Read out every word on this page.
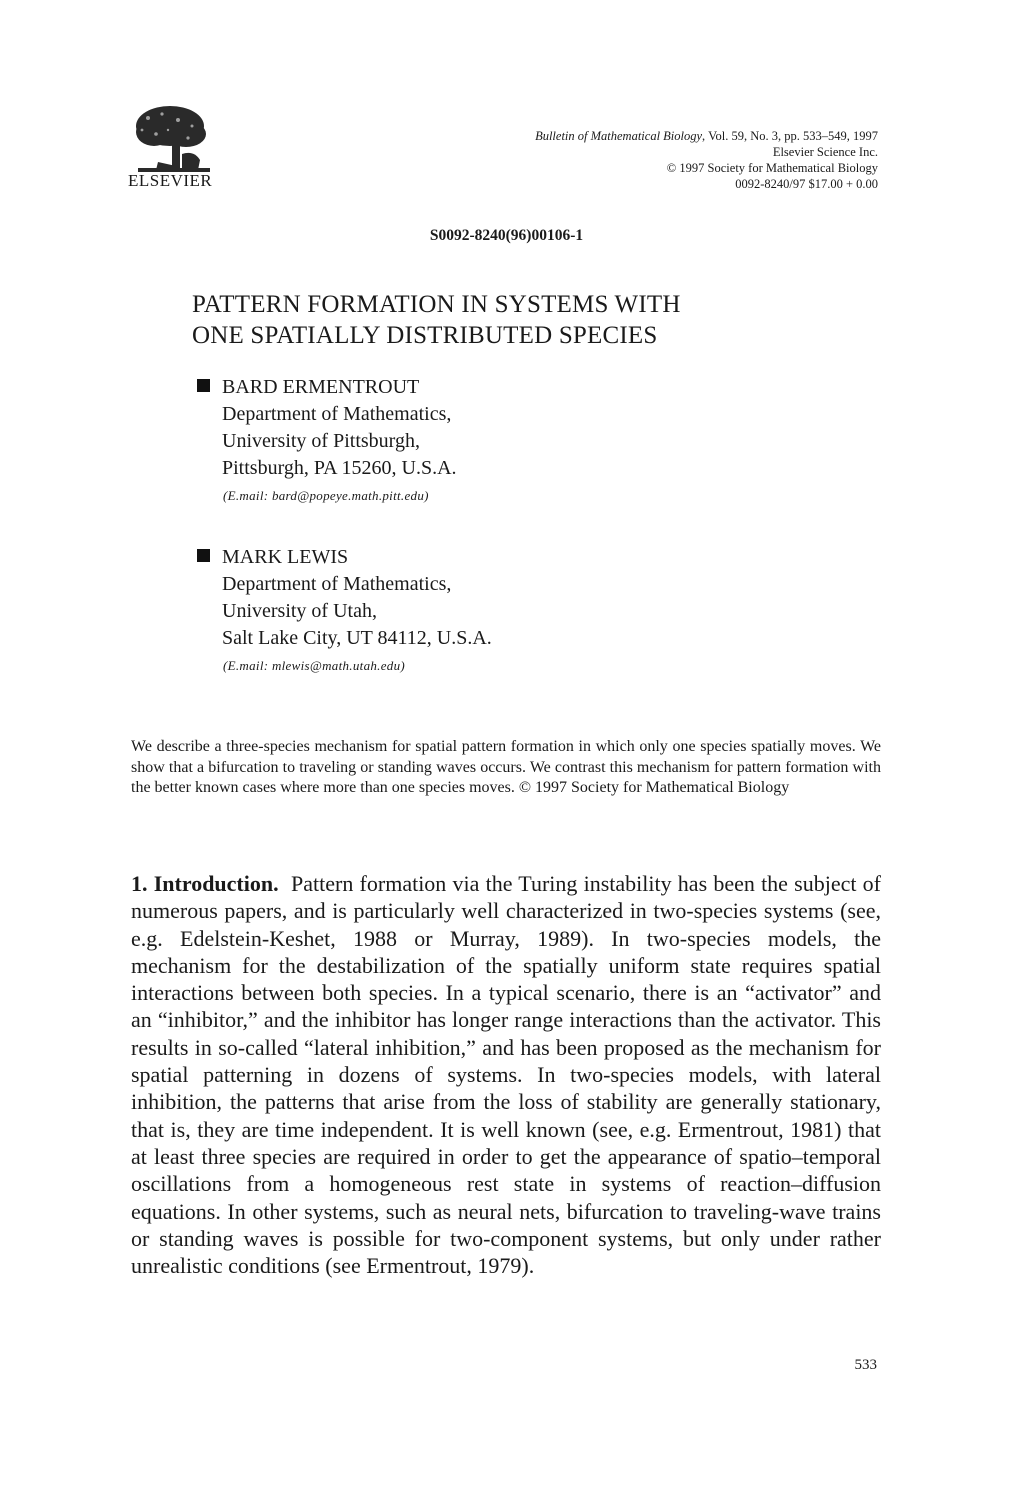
ELSEVIER
Bulletin of Mathematical Biology, Vol. 59, No. 3, pp. 533–549, 1997
Elsevier Science Inc.
© 1997 Society for Mathematical Biology
0092-8240/97 $17.00 + 0.00
S0092-8240(96)00106-1
PATTERN FORMATION IN SYSTEMS WITH
ONE SPATIALLY DISTRIBUTED SPECIES
BARD ERMENTROUT
Department of Mathematics,
University of Pittsburgh,
Pittsburgh, PA 15260, U.S.A.
(E.mail: bard@popeye.math.pitt.edu)
MARK LEWIS
Department of Mathematics,
University of Utah,
Salt Lake City, UT 84112, U.S.A.
(E.mail: mlewis@math.utah.edu)
We describe a three-species mechanism for spatial pattern formation in which only one species spatially moves. We show that a bifurcation to traveling or standing waves occurs. We contrast this mechanism for pattern formation with the better known cases where more than one species moves. © 1997 Society for Mathematical Biology
1. Introduction. Pattern formation via the Turing instability has been the subject of numerous papers, and is particularly well characterized in two-species systems (see, e.g. Edelstein-Keshet, 1988 or Murray, 1989). In two-species models, the mechanism for the destabilization of the spatially uniform state requires spatial interactions between both species. In a typical scenario, there is an “activator” and an “inhibitor,” and the inhibitor has longer range interactions than the activator. This results in so-called “lateral inhibition,” and has been proposed as the mechanism for spatial patterning in dozens of systems. In two-species models, with lateral inhibition, the patterns that arise from the loss of stability are generally stationary, that is, they are time independent. It is well known (see, e.g. Ermentrout, 1981) that at least three species are required in order to get the appearance of spatio–temporal oscillations from a homogeneous rest state in systems of reaction–diffusion equations. In other systems, such as neural nets, bifurcation to traveling-wave trains or standing waves is possible for two-component systems, but only under rather unrealistic conditions (see Ermentrout, 1979).
533
